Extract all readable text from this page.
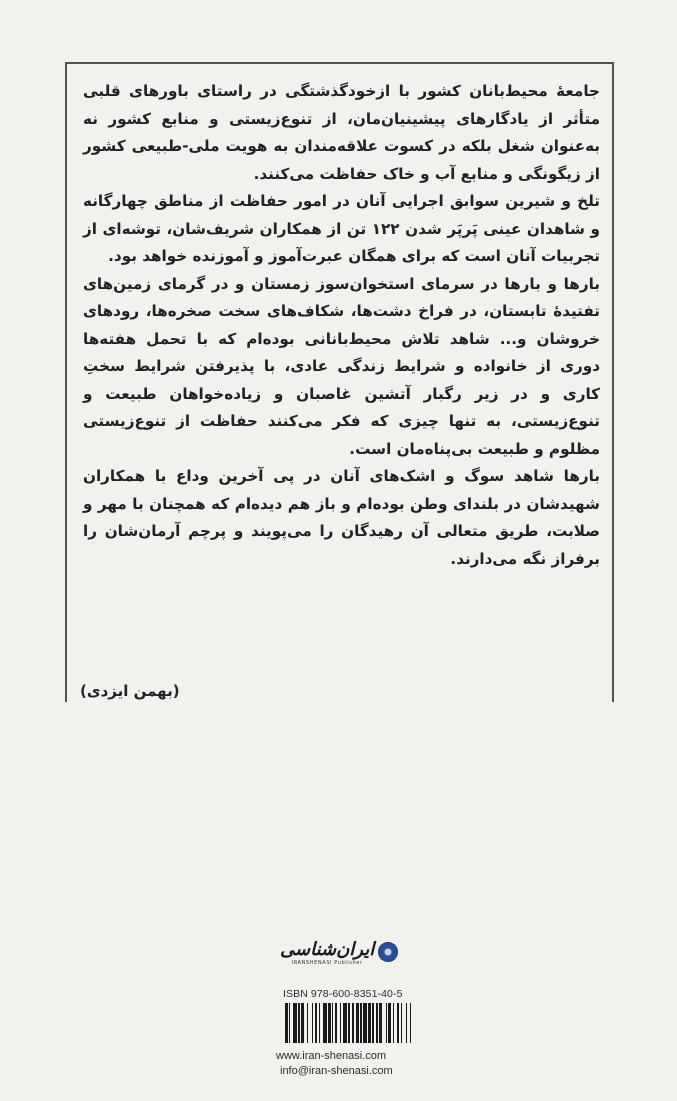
جامعهٔ محیط‌بانان کشور با ازخودگذشتگی در راستای باورهای قلبی متأثر از یادگارهای پیشینیان‌مان، از تنوع‌زیستی و منابع کشور نه به‌عنوان شغل بلکه در کسوت علاقه‌مندان به هویت ملی-طبیعی کشور از زیگونگی و منابع آب و خاک حفاظت می‌کنند.

تلخ و شیرین سوابق اجرایی آنان در امور حفاظت از مناطق چهارگانه و شاهدان عینی پَرپَر شدن ۱۲۲ تن از همکاران شریف‌شان، توشه‌ای از تجربیات آنان است که برای همگان عبرت‌آموز و آموزنده خواهد بود.

بارها و بارها در سرمای استخوان‌سوز زمستان و در گرمای زمین‌های تفتیدهٔ تابستان، در فراخ دشت‌ها، شکاف‌های سخت صخره‌ها، رودهای خروشان و... شاهد تلاش محیط‌بانانی بوده‌ام که با تحمل هفته‌ها دوری از خانواده و شرایط زندگی عادی، با پذیرفتن شرایط سختِ کاری و در زیر رگبار آتشین غاصبان و زیاده‌خواهان طبیعت و تنوع‌زیستی، به تنها چیزی که فکر می‌کنند حفاظت از تنوع‌زیستی مظلوم و طبیعت بی‌پناه‌مان است.

بارها شاهد سوگ و اشک‌های آنان در پی آخرین وداع با همکاران شهیدشان در بلندای وطن بوده‌ام و باز هم دیده‌ام که همچنان با مهر و صلابت، طریق متعالی آن رهیدگان را می‌پویند و پرچم آرمان‌شان را برفراز نگه می‌دارند.

(بهمن ایزدی)
ایران‌شناسی
IRANSHENASI Publisher
ISBN 978-600-8351-40-5
www.iran-shenasi.com
info@iran-shenasi.com
